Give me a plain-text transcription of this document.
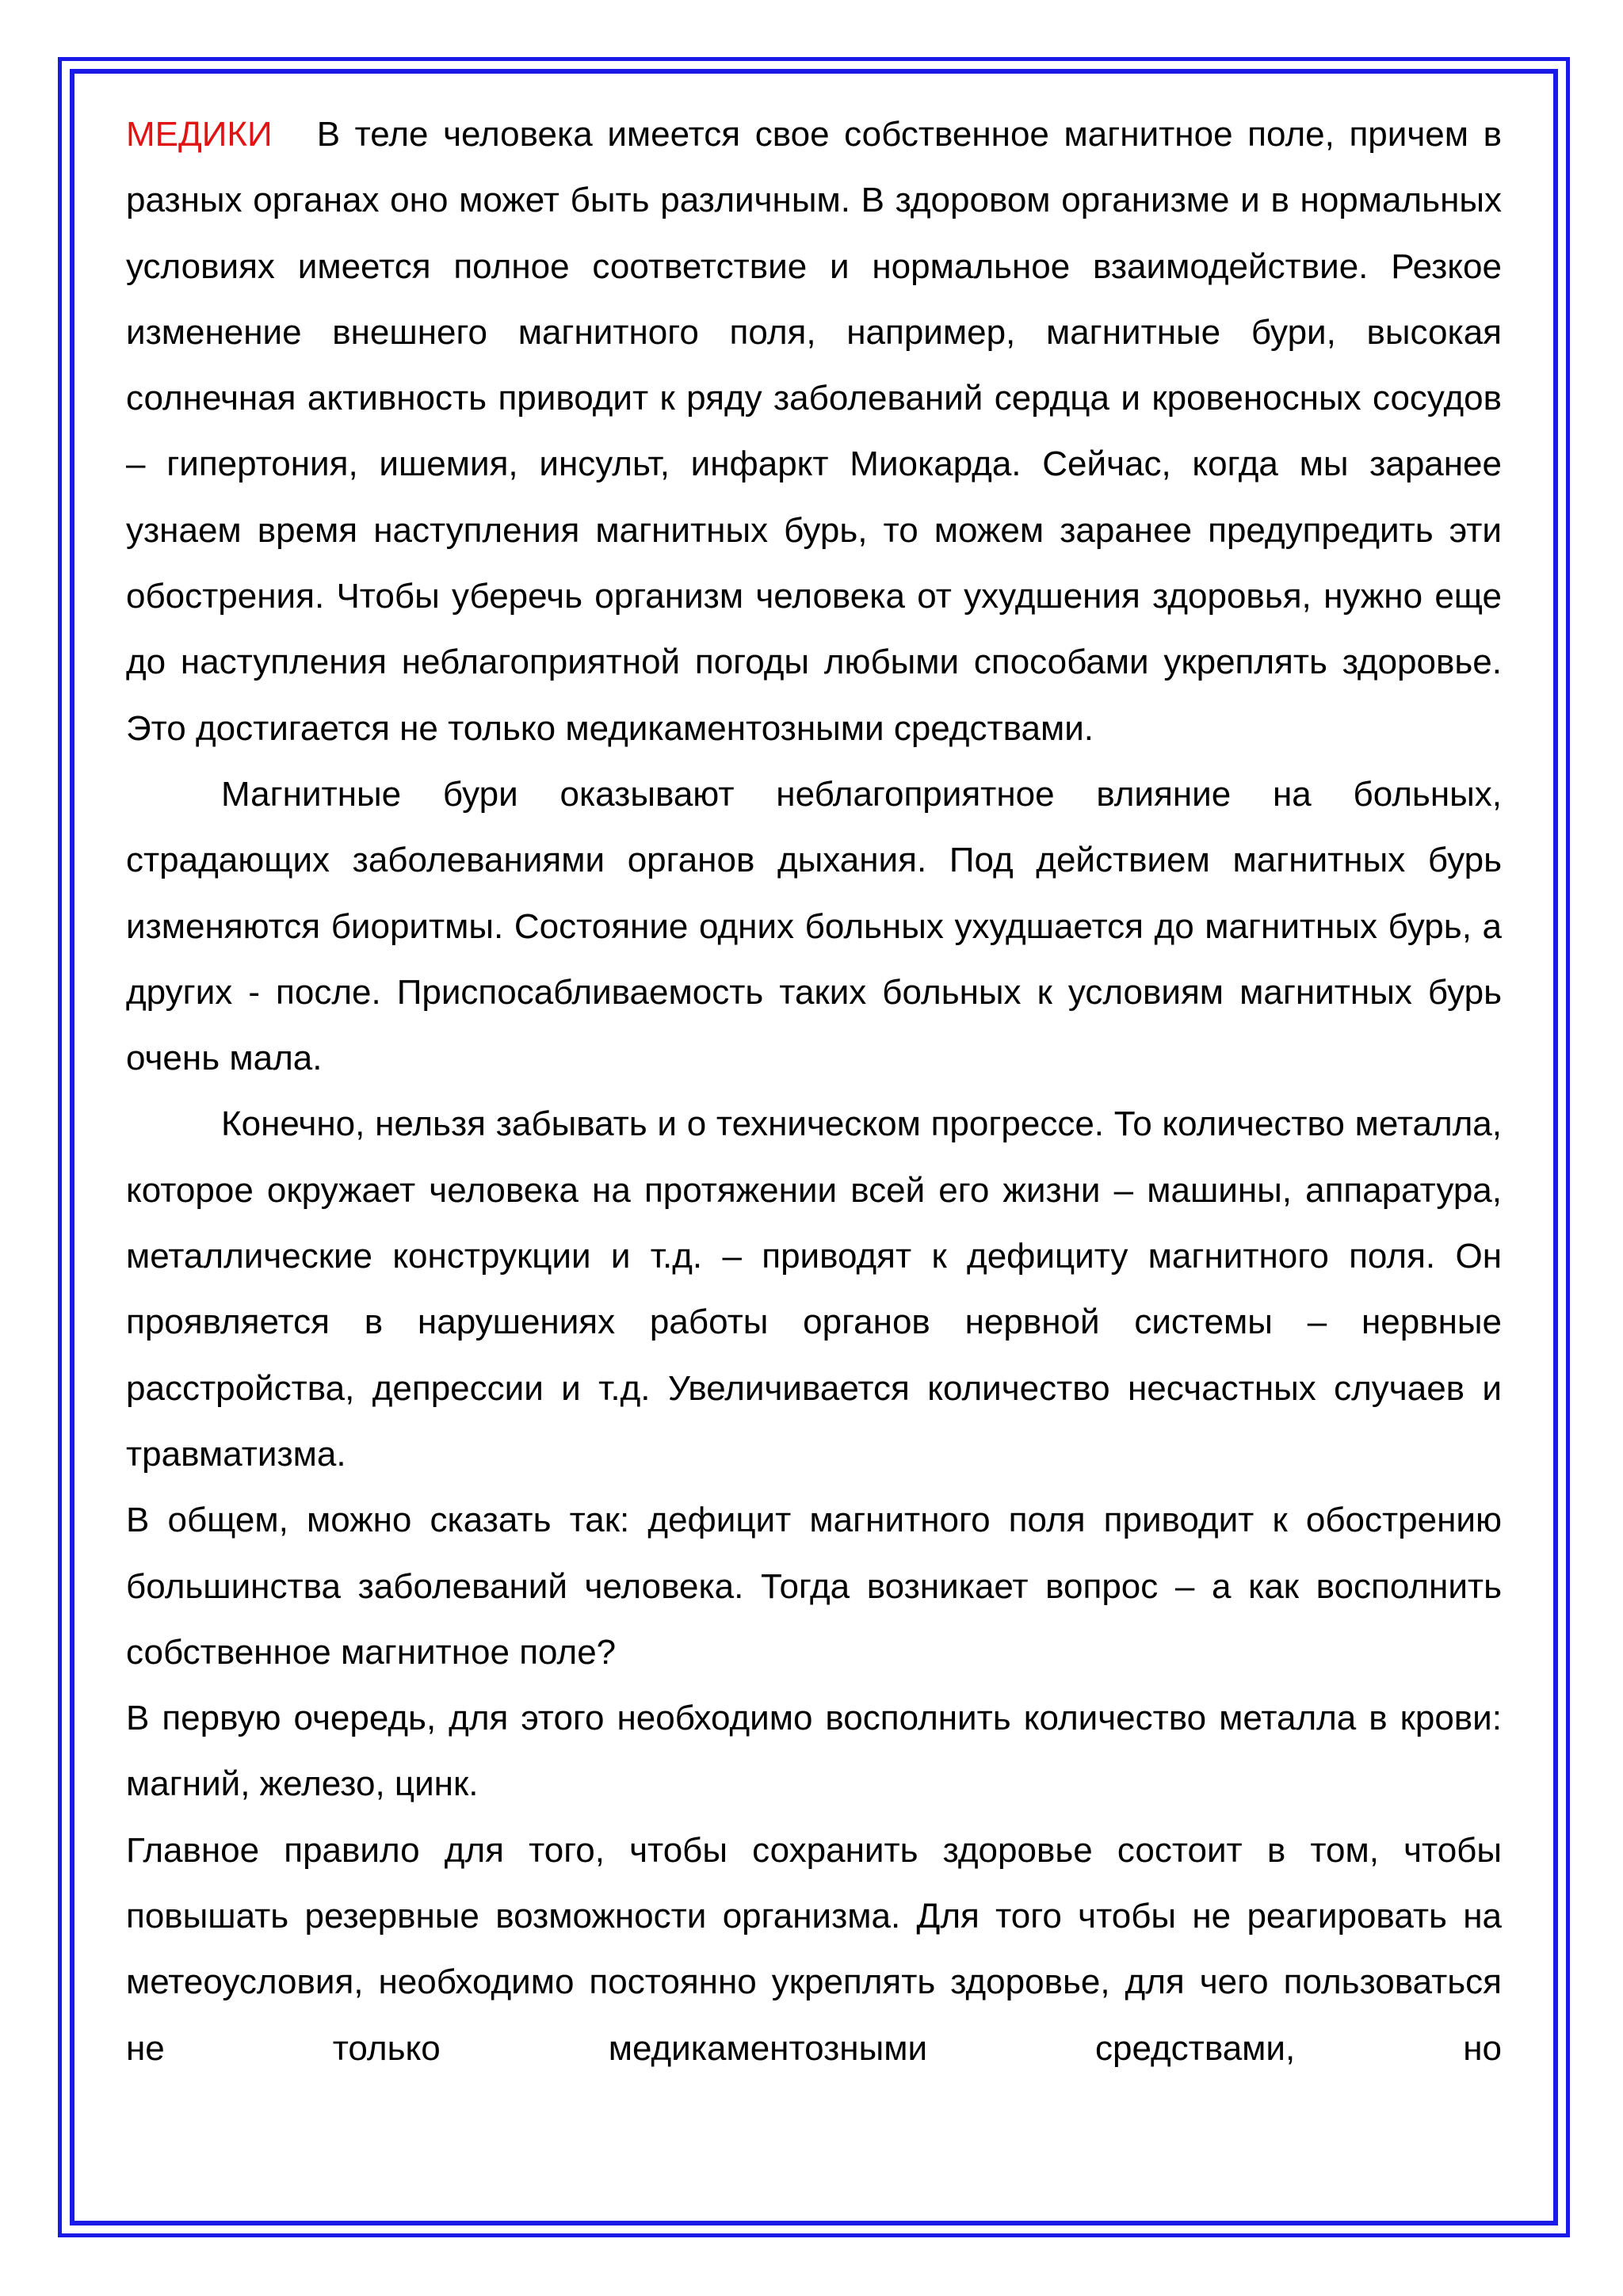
МЕДИКИ В теле человека имеется свое собственное магнитное поле, причем в разных органах оно может быть различным. В здоровом организме и в нормальных условиях имеется полное соответствие и нормальное взаимодействие. Резкое изменение внешнего магнитного поля, например, магнитные бури, высокая солнечная активность приводит к ряду заболеваний сердца и кровеносных сосудов – гипертония, ишемия, инсульт, инфаркт Миокарда. Сейчас, когда мы заранее узнаем время наступления магнитных бурь, то можем заранее предупредить эти обострения. Чтобы уберечь организм человека от ухудшения здоровья, нужно еще до наступления неблагоприятной погоды любыми способами укреплять здоровье. Это достигается не только медикаментозными средствами.

Магнитные бури оказывают неблагоприятное влияние на больных, страдающих заболеваниями органов дыхания. Под действием магнитных бурь изменяются биоритмы. Состояние одних больных ухудшается до магнитных бурь, а других - после. Приспосабливаемость таких больных к условиям магнитных бурь очень мала.

Конечно, нельзя забывать и о техническом прогрессе. То количество металла, которое окружает человека на протяжении всей его жизни – машины, аппаратура, металлические конструкции и т.д. – приводят к дефициту магнитного поля. Он проявляется в нарушениях работы органов нервной системы – нервные расстройства, депрессии и т.д. Увеличивается количество несчастных случаев и травматизма.

В общем, можно сказать так: дефицит магнитного поля приводит к обострению большинства заболеваний человека. Тогда возникает вопрос – а как восполнить собственное магнитное поле?

В первую очередь, для этого необходимо восполнить количество металла в крови: магний, железо, цинк.

Главное правило для того, чтобы сохранить здоровье состоит в том, чтобы повышать резервные возможности организма. Для того чтобы не реагировать на метеоусловия, необходимо постоянно укреплять здоровье, для чего пользоваться не только медикаментозными средствами, но
